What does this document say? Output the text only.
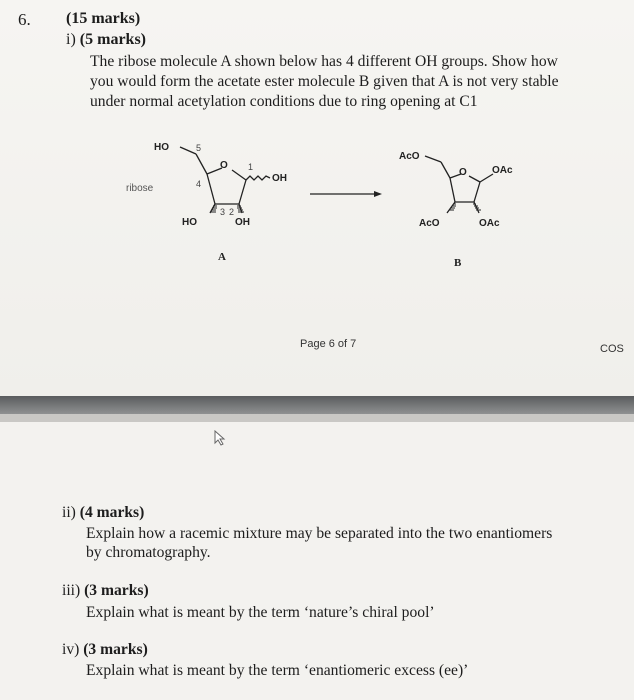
6. (15 marks)
i) (5 marks)
The ribose molecule A shown below has 4 different OH groups. Show how
you would form the acetate ester molecule B given that A is not very stable
under normal acetylation conditions due to ring opening at C1
HO
OH
HO	OH
O
5
4
3 2
1
ribose
A
AcO
OAc
AcO	OAc
O
B
Page 6 of 7	COS
ii) (4 marks)
Explain how a racemic mixture may be separated into the two enantiomers
by chromatography.
iii) (3 marks)
Explain what is meant by the term ‘nature’s chiral pool’
iv) (3 marks)
Explain what is meant by the term ‘enantiomeric excess (ee)’
